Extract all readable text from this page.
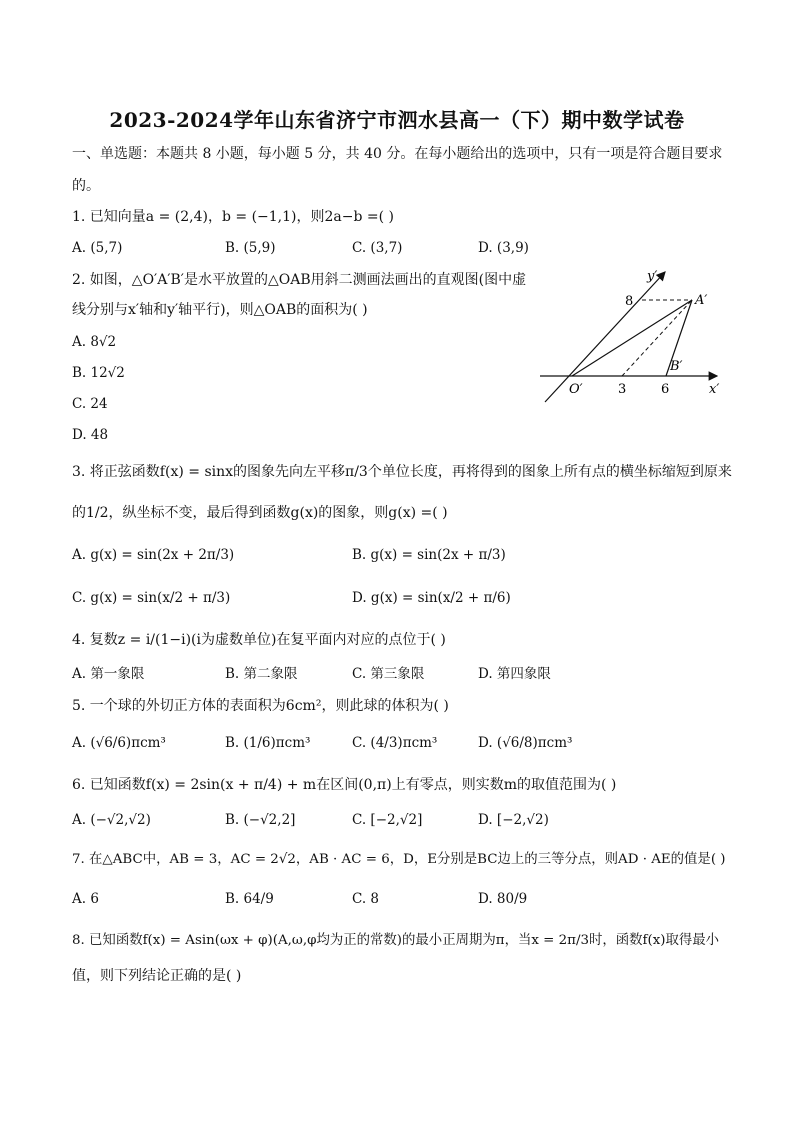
2023-2024学年山东省济宁市泗水县高一（下）期中数学试卷
一、单选题：本题共 8 小题，每小题 5 分，共 40 分。在每小题给出的选项中，只有一项是符合题目要求
的。
1. 已知向量a = (2,4)，b = (−1,1)，则2a−b =( )
A. (5,7)	B. (5,9)	C. (3,7)	D. (3,9)
2. 如图，△O′A′B′是水平放置的△OAB用斜二测画法画出的直观图(图中虚
线分别与x′轴和y′轴平行)，则△OAB的面积为( )
A. 8√2
B. 12√2
C. 24
D. 48
y′
x′
O′
A′
B′
8
3	6
3. 将正弦函数f(x) = sinx的图象先向左平移π/3个单位长度，再将得到的图象上所有点的横坐标缩短到原来
的1/2，纵坐标不变，最后得到函数g(x)的图象，则g(x) =( )
A. g(x) = sin(2x + 2π/3)	B. g(x) = sin(2x + π/3)
C. g(x) = sin(x/2 + π/3)	D. g(x) = sin(x/2 + π/6)
4. 复数z = i/(1−i)(i为虚数单位)在复平面内对应的点位于( )
A. 第一象限	B. 第二象限	C. 第三象限	D. 第四象限
5. 一个球的外切正方体的表面积为6cm²，则此球的体积为( )
A. (√6/6)πcm³	B. (1/6)πcm³	C. (4/3)πcm³	D. (√6/8)πcm³
6. 已知函数f(x) = 2sin(x + π/4) + m在区间(0,π)上有零点，则实数m的取值范围为( )
A. (−√2,√2)	B. (−√2,2]	C. [−2,√2]	D. [−2,√2)
7. 在△ABC中，AB = 3，AC = 2√2，AB · AC = 6，D，E分别是BC边上的三等分点，则AD · AE的值是( )
A. 6	B. 64/9	C. 8	D. 80/9
8. 已知函数f(x) = Asin(ωx + φ)(A,ω,φ均为正的常数)的最小正周期为π，当x = 2π/3时，函数f(x)取得最小
值，则下列结论正确的是( )
